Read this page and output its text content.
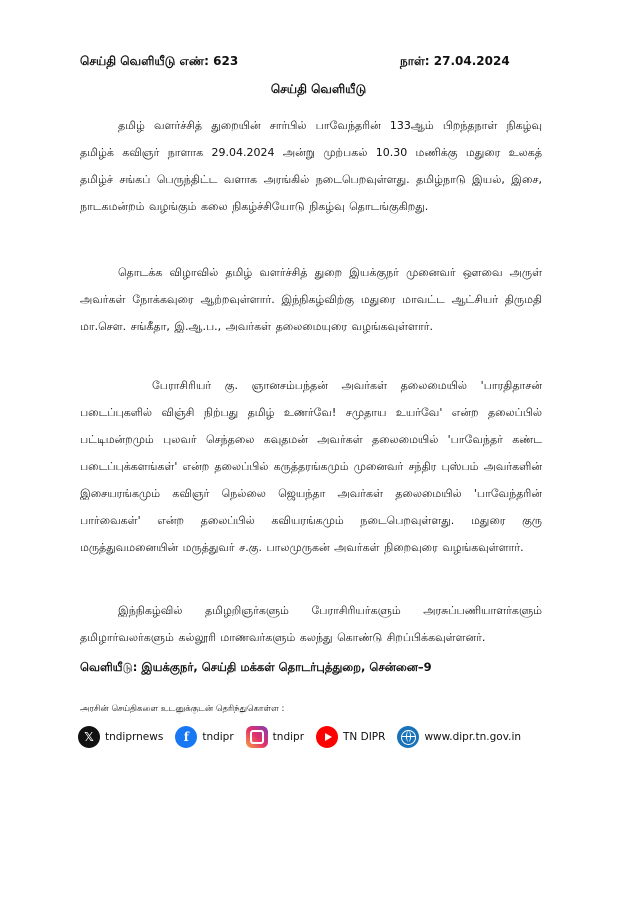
செய்தி வெளியீடு எண்: 623	நாள்: 27.04.2024
செய்தி வெளியீடு
தமிழ் வளர்ச்சித் துறையின் சார்பில் பாவேந்தரின் 133ஆம் பிறந்தநாள் நிகழ்வு தமிழ்க் கவிஞர் நாளாக 29.04.2024 அன்று முற்பகல் 10.30 மணிக்கு மதுரை உலகத் தமிழ்ச் சங்கப் பெருந்திட்ட வளாக அரங்கில் நடைபெறவுள்ளது. தமிழ்நாடு இயல், இசை, நாடகமன்றம் வழங்கும் கலை நிகழ்ச்சியோடு நிகழ்வு தொடங்குகிறது.
தொடக்க விழாவில் தமிழ் வளர்ச்சித் துறை இயக்குநர் முனைவர் ஔவை அருள் அவர்கள் நோக்கவுரை ஆற்றவுள்ளார். இந்நிகழ்விற்கு மதுரை மாவட்ட ஆட்சியர் திருமதி மா.சௌ. சங்கீதா, இ.ஆ.ப., அவர்கள் தலைமையுரை வழங்கவுள்ளார்.
பேராசிரியர் கு. ஞானசம்பந்தன் அவர்கள் தலைமையில் 'பாரதிதாசன் படைப்புகளில் விஞ்சி நிற்பது தமிழ் உணர்வே! சமுதாய உயர்வே' என்ற தலைப்பில் பட்டிமன்றமும் புலவர் செந்தலை கவுதமன் அவர்கள் தலைமையில் 'பாவேந்தர் கண்ட படைப்புக்களங்கள்' என்ற தலைப்பில் கருத்தரங்கமும் முனைவர் சந்திர புஸ்பம் அவர்களின் இசையரங்கமும் கவிஞர் நெல்லை ஜெயந்தா அவர்கள் தலைமையில் 'பாவேந்தரின் பார்வைகள்' என்ற தலைப்பில் கவியரங்கமும் நடைபெறவுள்ளது. மதுரை குரு மருத்துவமனையின் மருத்துவர் ச.கு. பாலமுருகன் அவர்கள் நிறைவுரை வழங்கவுள்ளார்.
இந்நிகழ்வில் தமிழறிஞர்களும் பேராசிரியர்களும் அரசுப்பணியாளர்களும் தமிழார்வலர்களும் கல்லூரி மாணவர்களும் கலந்து கொண்டு சிறப்பிக்கவுள்ளனர்.
வெளியீடு: இயக்குநர், செய்தி மக்கள் தொடர்புத்துறை, சென்னை–9
அரசின் செய்திகளை உடனுக்குடன் தெரிந்துகொள்ள :
𝕏	tndiprnews	f	tndipr	tndipr	TN DIPR	www.dipr.tn.gov.in
